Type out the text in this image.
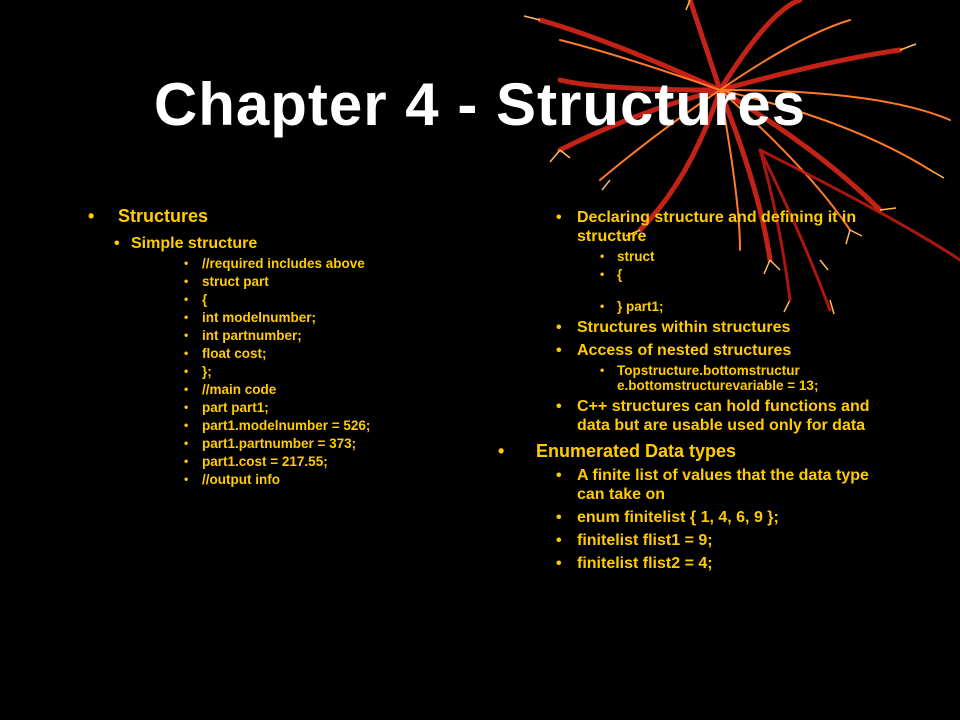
Chapter 4 - Structures
• Structures
• Simple structure
• //required includes above
• struct part
• {
• int modelnumber;
• int partnumber;
• float cost;
• };
• //main code
• part part1;
• part1.modelnumber = 526;
• part1.partnumber = 373;
• part1.cost = 217.55;
• //output info
• Declaring structure and defining it in structure
• struct
• {
• } part1;
• Structures within structures
• Access of nested structures
• Topstructure.bottomstructur e.bottomstructurevariable = 13;
• C++ structures can hold functions and data but are usable used only for data
• Enumerated Data types
• A finite list of values that the data type can take on
• enum finitelist { 1, 4, 6, 9 };
• finitelist flist1 = 9;
• finitelist flist2 = 4;
